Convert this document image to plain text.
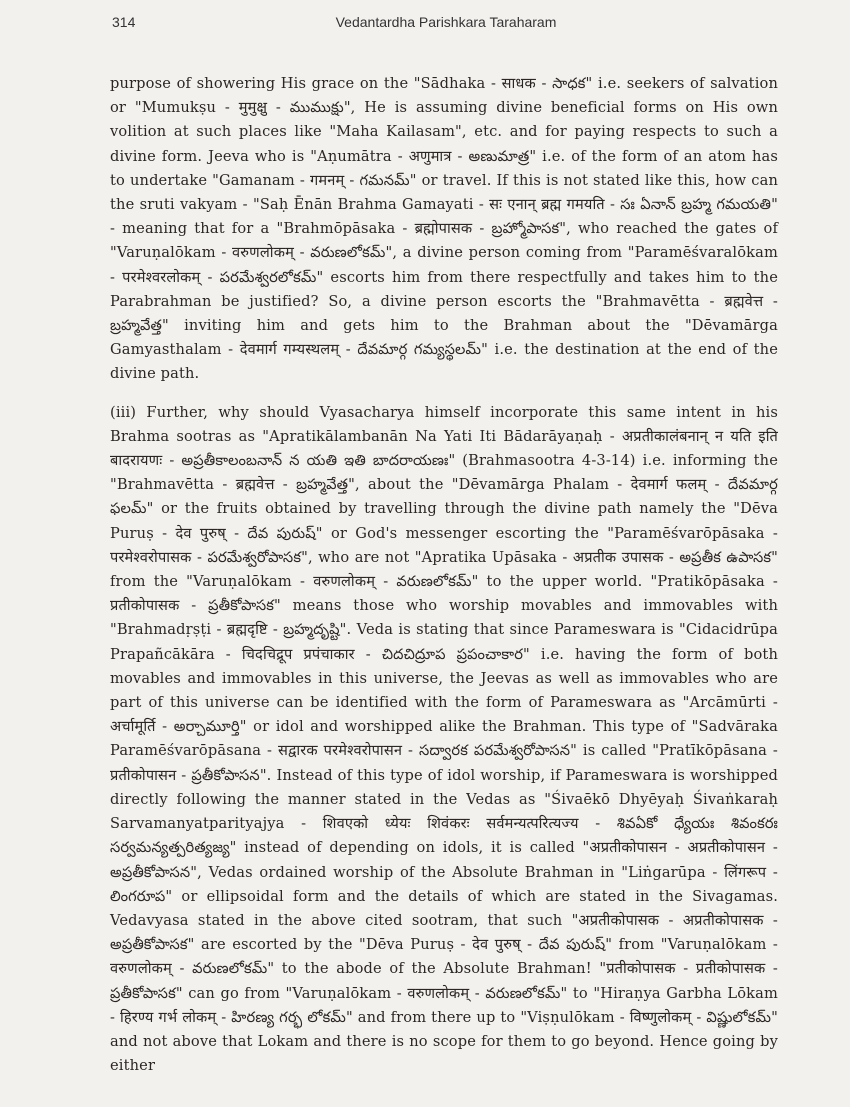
314	Vedantardha Parishkara Taraharam

purpose of showering His grace on the "Sādhaka - साधक - సాధక" i.e. seekers of salvation or "Mumukṣu - मुमुक्षु - ముముక్షు", He is assuming divine beneficial forms on His own volition at such places like "Maha Kailasam", etc. and for paying respects to such a divine form. Jeeva who is "Aṇumātra - अणुमात्र - అణుమాత్ర" i.e. of the form of an atom has to undertake "Gamanam - गमनम् - గమనమ్" or travel. If this is not stated like this, how can the sruti vakyam - "Saḥ Ēnān Brahma Gamayati - सः एनान् ब्रह्म गमयति - సః ఏనాన్ బ్రహ్మ గమయతి" - meaning that for a "Brahmōpāsaka - ब्रह्मोपासक - బ్రహ్మోపాసక", who reached the gates of "Varuṇalōkam - वरुणलोकम् - వరుణలోకమ్", a divine person coming from "Paramēśvaralōkam - परमेश्वरलोकम् - పరమేశ్వరలోకమ్" escorts him from there respectfully and takes him to the Parabrahman be justified? So, a divine person escorts the "Brahmavētta - ब्रह्मवेत्त - బ్రహ్మవేత్త" inviting him and gets him to the Brahman about the "Dēvamārga Gamyasthalam - देवमार्ग गम्यस्थलम् - దేవమార్గ గమ్యస్థలమ్" i.e. the destination at the end of the divine path.

(iii) Further, why should Vyasacharya himself incorporate this same intent in his Brahma sootras as "Apratikālambanān Na Yati Iti Bādarāyaṇaḥ - अप्रतीकालंबनान् न यति इति बादरायणः - అప్రతీకాలంబనాన్ న యతి ఇతి బాదరాయణః" (Brahmasootra 4-3-14) i.e. informing the "Brahmavētta - ब्रह्मवेत्त - బ్రహ్మవేత్త", about the "Dēvamārga Phalam - देवमार्ग फलम् - దేవమార్గ ఫలమ్" or the fruits obtained by travelling through the divine path namely the "Dēva Puruṣ - देव पुरुष् - దేవ పురుష్" or God's messenger escorting the "Paramēśvarōpāsaka - परमेश्वरोपासक - పరమేశ్వరోపాసక", who are not "Apratika Upāsaka - अप्रतीक उपासक - అప్రతీక ఉపాసక" from the "Varuṇalōkam - वरुणलोकम् - వరుణలోకమ్" to the upper world. "Pratikōpāsaka - प्रतीकोपासक - ప్రతీకోపాసక" means those who worship movables and immovables with "Brahmadṛṣṭi - ब्रह्मदृष्टि - బ్రహ్మదృష్టి". Veda is stating that since Parameswara is "Cidacidrūpa Prapañcākāra - चिदचिद्रूप प्रपंचाकार - చిదచిద్రూప ప్రపంచాకార" i.e. having the form of both movables and immovables in this universe, the Jeevas as well as immovables who are part of this universe can be identified with the form of Parameswara as "Arcāmūrti - अर्चामूर्ति - అర్చామూర్తి" or idol and worshipped alike the Brahman. This type of "Sadvāraka Paramēśvarōpāsana - सद्वारक परमेश्वरोपासन - సద్వారక పరమేశ్వరోపాసన" is called "Pratīkōpāsana - प्रतीकोपासन - ప్రతీకోపాసన". Instead of this type of idol worship, if Parameswara is worshipped directly following the manner stated in the Vedas as "Śivaēkō Dhyēyaḥ Śivaṅkaraḥ Sarvamanyatparityajya - शिवएको ध्येयः शिवंकरः सर्वमन्यत्परित्यज्य - శివఏకో ధ్యేయః శివంకరః సర్వమన్యత్పరిత్యజ్య" instead of depending on idols, it is called "अप्रतीकोपासन - अप्रतीकोपासन - అప్రతీకోపాసన", Vedas ordained worship of the Absolute Brahman in "Liṅgarūpa - लिंगरूप - లింగరూప" or ellipsoidal form and the details of which are stated in the Sivagamas. Vedavyasa stated in the above cited sootram, that such "अप्रतीकोपासक - अप्रतीकोपासक - అప్రతీకోపాసక" are escorted by the "Dēva Puruṣ - देव पुरुष् - దేవ పురుష్" from "Varuṇalōkam - वरुणलोकम् - వరుణలోకమ్" to the abode of the Absolute Brahman! "प्रतीकोपासक - प्रतीकोपासक - ప్రతీకోపాసక" can go from "Varuṇalōkam - वरुणलोकम् - వరుణలోకమ్" to "Hiraṇya Garbha Lōkam - हिरण्य गर्भ लोकम् - హిరణ్య గర్భ లోకమ్" and from there up to "Viṣṇulōkam - विष्णुलोकम् - విష్ణులోకమ్" and not above that Lokam and there is no scope for them to go beyond. Hence going by either
